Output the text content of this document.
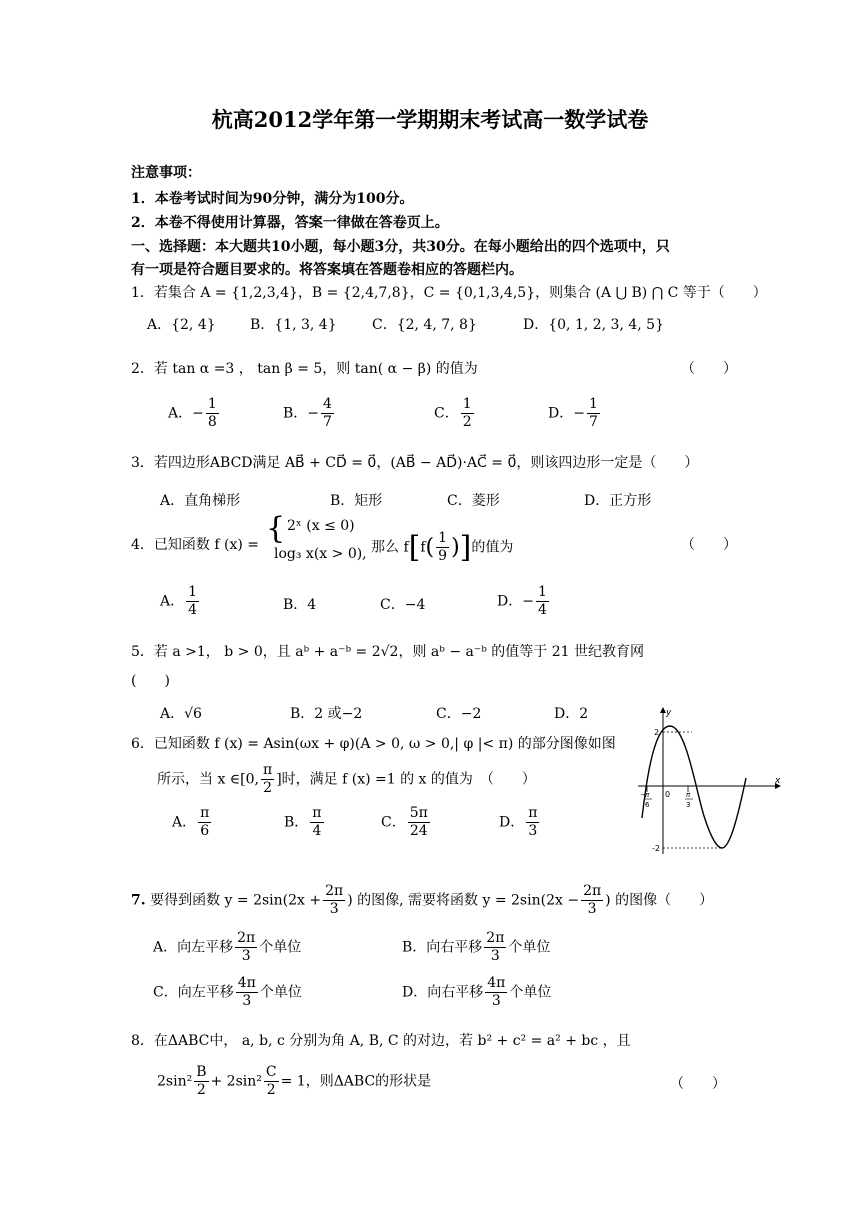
杭高2012学年第一学期期末考试高一数学试卷
注意事项：
1．本卷考试时间为90分钟，满分为100分。
2．本卷不得使用计算器，答案一律做在答卷页上。
一、选择题：本大题共10小题，每小题3分，共30分。在每小题给出的四个选项中，只
有一项是符合题目要求的。将答案填在答题卷相应的答题栏内。
1．若集合 A = {1,2,3,4}，B = {2,4,7,8}，C = {0,1,3,4,5}，则集合 (A ⋃ B) ⋂ C 等于（　　）
A．{2, 4} B．{1, 3, 4}	C．{2, 4, 7, 8}	D．{0, 1, 2, 3, 4, 5}
2．若 tan α =3 ， tan β = 5，则 tan( α − β) 的值为	（　　）
A．− $\frac{1}{8}$	B．− $\frac{4}{7}$	C． $\frac{1}{2}$	D．− $\frac{1}{7}$
3．若四边形ABCD满足 AB⃗ + CD⃗ = 0⃗，(AB⃗ − AD⃗)·AC⃗ = 0⃗，则该四边形一定是（　　）
A．直角梯形	B．矩形	C．菱形	D．正方形
4．已知函数 f (x) = { 2ˣ (x ≤ 0)
log₃ x(x > 0), 那么 $f[f( \frac{1}{9}$ )]的值为	（　　）
A． $\frac{1}{4}$	B．4	C．−4	D．− $\frac{1}{4}$
5．若 a >1， b > 0，且 aᵇ + a⁻ᵇ = 2√2，则 aᵇ − a⁻ᵇ 的值等于 21 世纪教育网
(　　)
A．√6	B．2 或−2	C．−2	D．2
6．已知函数 f (x) = Asin(ωx + φ)(A > 0, ω > 0,| φ |< π) 的部分图像如图
所示，当 x ∈[0, $\frac{\pi}{2}$ ]时，满足 f (x) =1 的 x 的值为　（　　）
A． $\frac{\pi}{6}$	B． $\frac{\pi}{4}$	C． $\frac{5\pi}{24}$	D． $\frac{\pi}{3}$
y
x
0
2
-2
− π
6
π
3
7. 要得到函数 $y = 2\sin(2x + \frac{2\pi}{3}$ ) 的图像, 需要将函数 $y = 2\sin(2x - \frac{2\pi}{3}$ ) 的图像（　　）
A．向左平移 $\frac{2\pi}{3}$ 个单位	B．向右平移 $\frac{2\pi}{3}$ 个单位
C．向左平移 $\frac{4\pi}{3}$ 个单位	D．向右平移 $\frac{4\pi}{3}$ 个单位
8．在ΔABC中， a, b, c 分别为角 A, B, C 的对边，若 b² + c² = a² + bc ，且
$2\sin^2 \frac{B}{2} + 2\sin^2 \frac{C}{2} = 1$，则ΔABC的形状是	（　　）
